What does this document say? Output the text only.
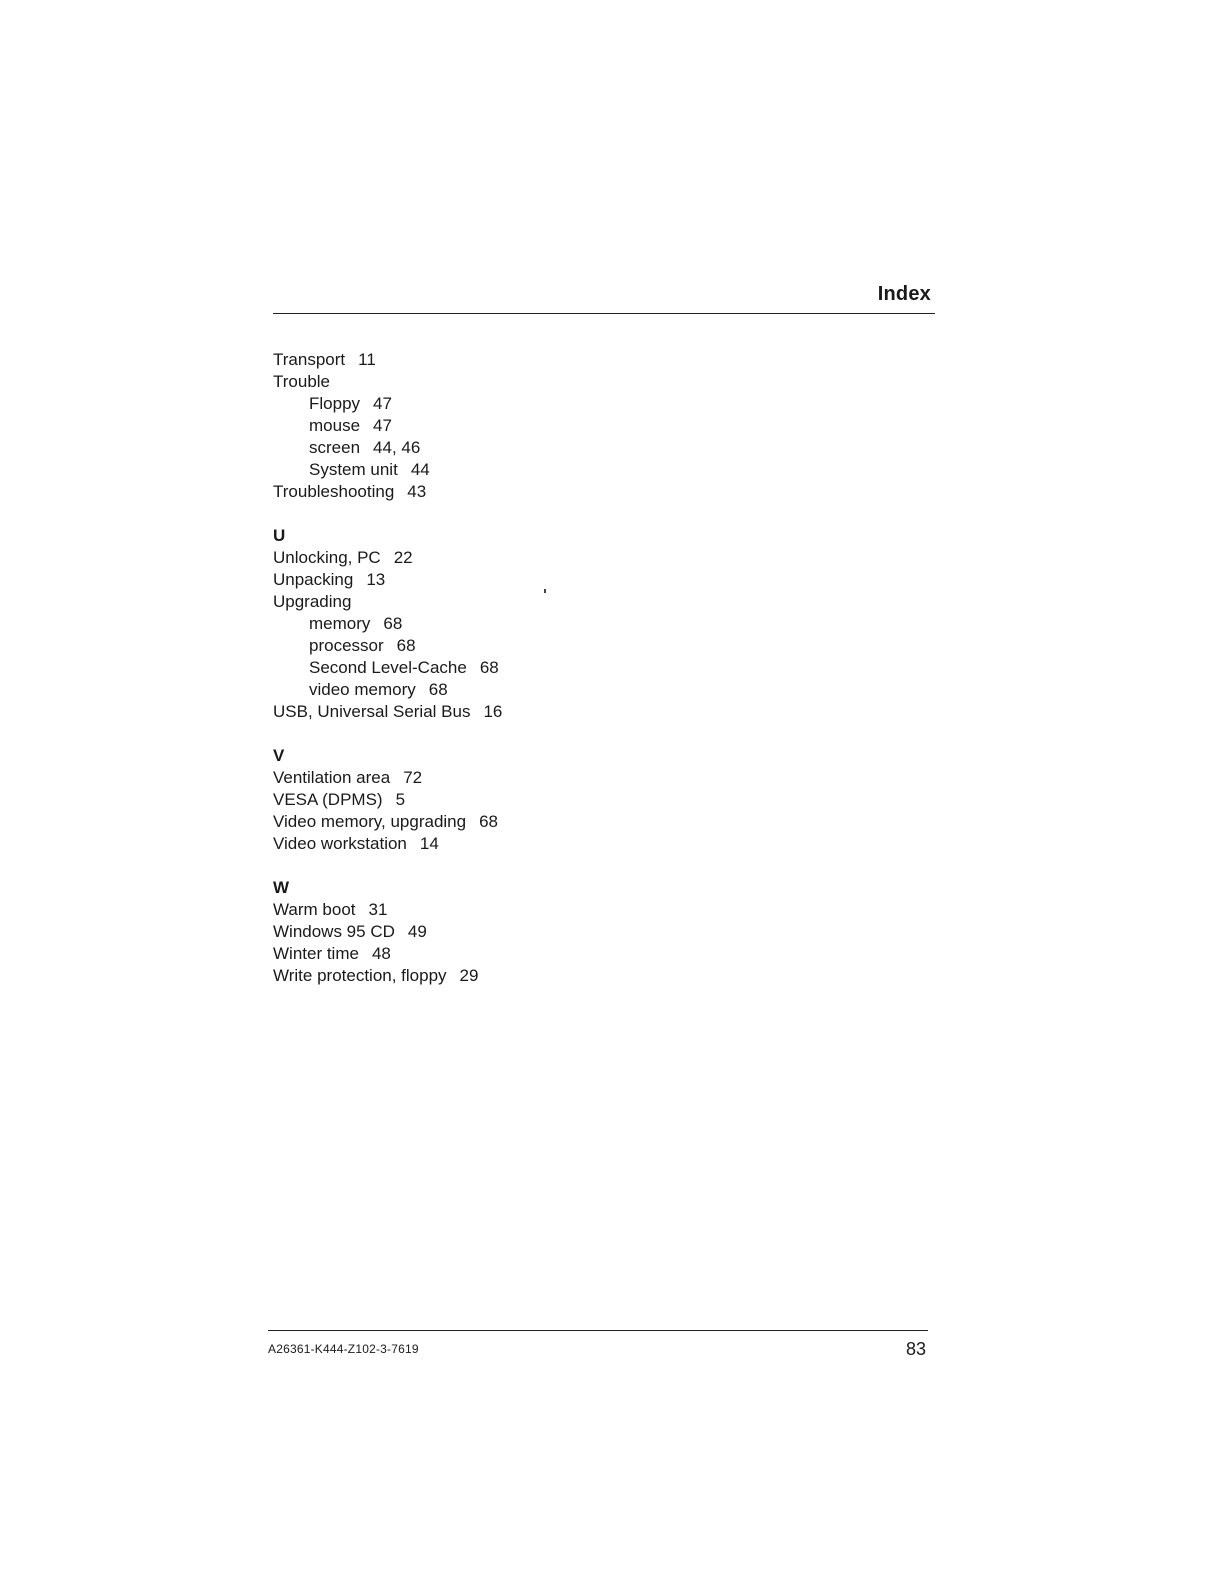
Index
Transport 11
Trouble
Floppy 47
mouse 47
screen 44, 46
System unit 44
Troubleshooting 43
U
Unlocking, PC 22
Unpacking 13
Upgrading
memory 68
processor 68
Second Level-Cache 68
video memory 68
USB, Universal Serial Bus 16
V
Ventilation area 72
VESA (DPMS) 5
Video memory, upgrading 68
Video workstation 14
W
Warm boot 31
Windows 95 CD 49
Winter time 48
Write protection, floppy 29
A26361-K444-Z102-3-7619	83
